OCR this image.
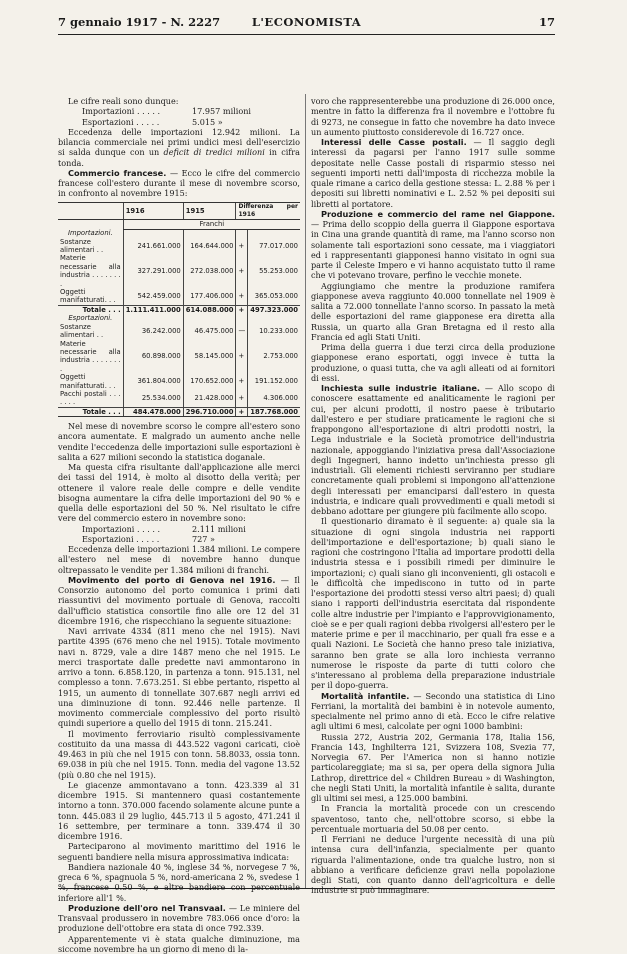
7 gennaio 1917 - N. 2227	L'ECONOMISTA	17

Le cifre reali sono dunque:

Importazioni . . . . .	17.957 milioni
Esportazioni . . . . .	5.015 »

Eccedenza delle importazioni 12.942 milioni. La bilancia commerciale nei primi undici mesi dell'esercizio si salda dunque con un deficit di tredici milioni in cifra tonda.

Commercio francese. — Ecco le cifre del commercio francese coll'estero durante il mese di novembre scorso, in confronto al novembre 1915:

	1916	1915	Differenza per 1916	
	Franchi			
Importazioni.				
Sostanze alimentari . .	241.661.000	164.644.000	+	77.017.000
Materie necessarie alla industria . . . . . . . .	327.291.000	272.038.000	+	55.253.000
Oggetti manifatturati. . .	542.459.000	177.406.000	+	365.053.000
Totale . . .	1.111.411.000	614.088.000	+	497.323.000
Esportazioni.				
Sostanze alimentari . .	36.242.000	46.475.000	—	10.233.000
Materie necessarie alla industria . . . . . . . .	60.898.000	58.145.000	+	2.753.000
Oggetti manifatturati. . .	361.804.000	170.652.000	+	191.152.000
Pacchi postali . . . . . . .	25.534.000	21.428.000	+	4.306.000
Totale . . .	484.478.000	296.710.000	+	187.768.000

Nel mese di novembre scorso le compre all'estero sono ancora aumentate. E malgrado un aumento anche nelle vendite l'eccedenza delle importazioni sulle esportazioni è salita a 627 milioni secondo la statistica doganale.

Ma questa cifra risultante dall'applicazione alle merci dei tassi del 1914, è molto al disotto della verità; per ottenere il valore reale delle compre e delle vendite bisogna aumentare la cifra delle importazioni del 90 % e quella delle esportazioni del 50 %. Nel risultato le cifre vere del commercio estero in novembre sono:

Importazioni . . . . .	2.111 milioni
Esportazioni . . . . .	727 »

Eccedenza delle importazioni 1.384 milioni. Le compere all'estero nel mese di novembre hanno dunque oltrepassato le vendite per 1.384 milioni di franchi.

Movimento del porto di Genova nel 1916. — Il Consorzio autonomo del porto comunica i primi dati riassuntivi del movimento portuale di Genova, raccolti dall'ufficio statistica consortile fino alle ore 12 del 31 dicembre 1916, che rispecchiano la seguente situazione:

Navi arrivate 4334 (811 meno che nel 1915). Navi partite 4395 (676 meno che nel 1915). Totale movimento navi n. 8729, vale a dire 1487 meno che nel 1915. Le merci trasportate dalle predette navi ammontarono in arrivo a tonn. 6.858.120, in partenza a tonn. 915.131, nel complesso a tonn. 7.673.251. Si ebbe pertanto, rispetto al 1915, un aumento di tonnellate 307.687 negli arrivi ed una diminuzione di tonn. 92.446 nelle partenze. Il movimento commerciale complessivo del porto risultò quindi superiore a quello del 1915 di tonn. 215.241.

Il movimento ferroviario risultò complessivamente costituito da una massa di 443.522 vagoni caricati, cioè 49.463 in più che nel 1915 con tonn. 58.8033, ossia tonn. 69.038 in più che nel 1915. Tonn. media del vagone 13.52 (più 0.80 che nel 1915).

Le giacenze ammontavano a tonn. 423.339 al 31 dicembre 1915. Si mantennero quasi costantemente intorno a tonn. 370.000 facendo solamente alcune punte a tonn. 445.083 il 29 luglio, 445.713 il 5 agosto, 471.241 il 16 settembre, per terminare a tonn. 339.474 il 30 dicembre 1916.

Parteciparono al movimento marittimo del 1916 le seguenti bandiere nella misura approssimativa indicata:

Bandiera nazionale 40 %, inglese 34 %, norvegese 7 %, greca 6 %, spagnuola 5 %, nord-americana 2 %, svedese 1 %, francese 0.50 %, e altre bandiere con percentuale inferiore all'1 %.

Produzione dell'oro nel Transvaal. — Le miniere del Transvaal produssero in novembre 783.066 once d'oro: la produzione dell'ottobre era stata di once 792.339.

Apparentemente vi è stata qualche diminuzione, ma siccome novembre ha un giorno di meno di la-

voro che rappresenterebbe una produzione di 26.000 once, mentre in fatto la differenza fra il novembre e l'ottobre fu di 9273, ne consegue in fatto che novembre ha dato invece un aumento piuttosto considerevole di 16.727 once.

Interessi delle Casse postali. — Il saggio degli interessi da pagarsi per l'anno 1917 sulle somme depositate nelle Casse postali di risparmio stesso nei seguenti importi netti dall'imposta di ricchezza mobile la quale rimane a carico della gestione stessa: L. 2.88 % per i depositi sui libretti nominativi e L. 2.52 % pei depositi sui libretti al portatore.

Produzione e commercio del rame nel Giappone. — Prima dello scoppio della guerra il Giappone esportava in Cina una grande quantità di rame, ma l'anno scorso non solamente tali esportazioni sono cessate, ma i viaggiatori ed i rappresentanti giapponesi hanno visitato in ogni sua parte il Celeste Impero e vi hanno acquistato tutto il rame che vi potevano trovare, perfino le vecchie monete.

Aggiungiamo che mentre la produzione ramifera giapponese aveva raggiunto 40.000 tonnellate nel 1909 è salita a 72.000 tonnellate l'anno scorso. In passato la metà delle esportazioni del rame giapponese era diretta alla Russia, un quarto alla Gran Bretagna ed il resto alla Francia ed agli Stati Uniti.

Prima della guerra i due terzi circa della produzione giapponese erano esportati, oggi invece è tutta la produzione, o quasi tutta, che va agli alleati od ai fornitori di essi.

Inchiesta sulle industrie italiane. — Allo scopo di conoscere esattamente ed analiticamente le ragioni per cui, per alcuni prodotti, il nostro paese è tributario dall'estero e per studiare praticamente le ragioni che si frappongono all'esportazione di altri prodotti nostri, la Lega industriale e la Società promotrice dell'industria nazionale, appoggiando l'iniziativa presa dall'Associazione degli Ingegneri, hanno indetto un'inchiesta presso gli industriali. Gli elementi richiesti serviranno per studiare concretamente quali problemi si impongono all'attenzione degli interessati per emanciparsi dall'estero in questa industria, e indicare quali provvedimenti e quali metodi si debbano adottare per giungere più facilmente allo scopo.

Il questionario diramato è il seguente: a) quale sia la situazione di ogni singola industria nei rapporti dell'importazione e dell'esportazione; b) quali siano le ragioni che costringono l'Italia ad importare prodotti della industria stessa e i possibili rimedi per diminuire le importazioni; c) quali siano gli inconvenienti, gli ostacoli e le difficoltà che impediscono in tutto od in parte l'esportazione dei prodotti stessi verso altri paesi; d) quali siano i rapporti dell'industria esercitata dal rispondente colle altre industrie per l'impianto e l'approvvigionamento, cioè se e per quali ragioni debba rivolgersi all'estero per le materie prime e per il macchinario, per quali fra esse e a quali Nazioni. Le Società che hanno preso tale iniziativa, saranno ben grate se alla loro inchiesta verranno numerose le risposte da parte di tutti coloro che s'interessano al problema della preparazione industriale per il dopo-guerra.

Mortalità infantile. — Secondo una statistica di Lino Ferriani, la mortalità dei bambini è in notevole aumento, specialmente nel primo anno di età. Ecco le cifre relative agli ultimi 6 mesi, calcolate per ogni 1000 bambini:

Russia 272, Austria 202, Germania 178, Italia 156, Francia 143, Inghilterra 121, Svizzera 108, Svezia 77, Norvegia 67. Per l'America non si hanno notizie particolareggiate; ma si sa, per opera della signora Julia Lathrop, direttrice del « Children Bureau » di Washington, che negli Stati Uniti, la mortalità infantile è salita, durante gli ultimi sei mesi, a 125.000 bambini.

In Francia la mortalità procede con un crescendo spaventoso, tanto che, nell'ottobre scorso, si ebbe la percentuale mortuaria del 50.08 per cento.

Il Ferriani ne deduce l'urgente necessità di una più intensa cura dell'infanzia, specialmente per quanto riguarda l'alimentazione, onde tra qualche lustro, non si abbiano a verificare deficienze gravi nella popolazione degli Stati, con quanto danno dell'agricoltura e delle industrie si può immaginare.
